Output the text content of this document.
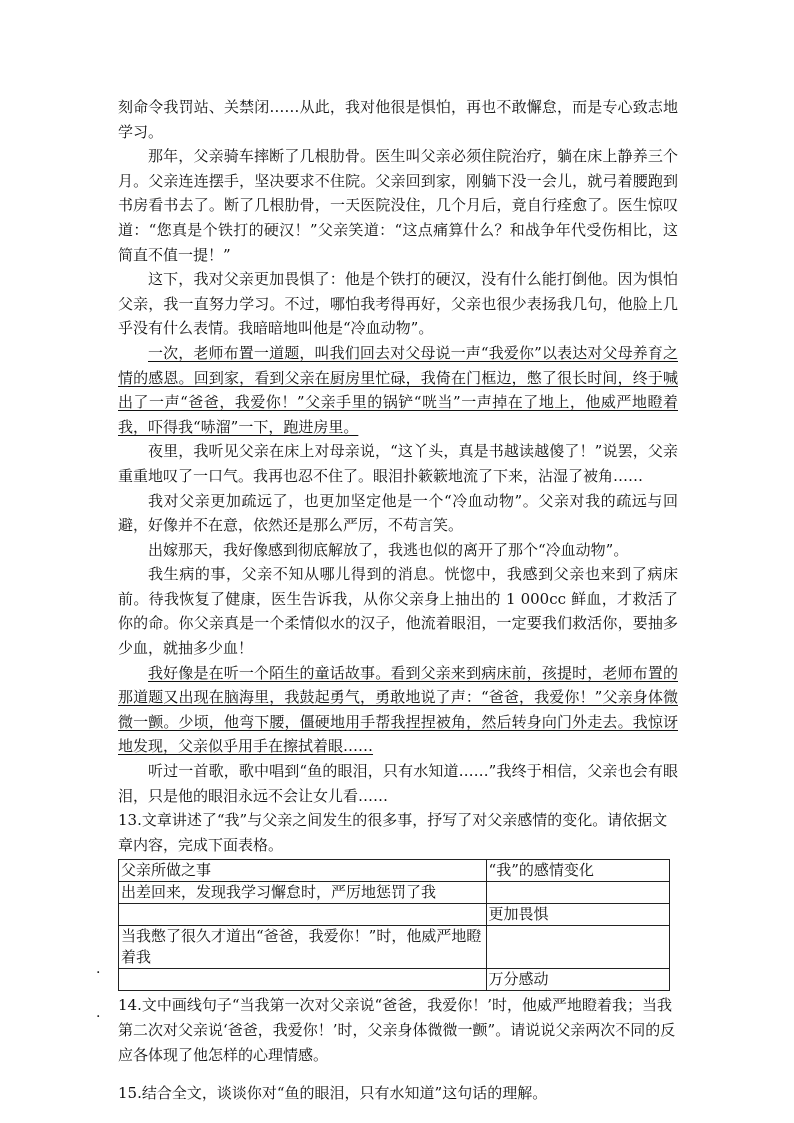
刻命令我罚站、关禁闭……从此，我对他很是惧怕，再也不敢懈怠，而是专心致志地学习。

那年，父亲骑车摔断了几根肋骨。医生叫父亲必须住院治疗，躺在床上静养三个月。父亲连连摆手，坚决要求不住院。父亲回到家，刚躺下没一会儿，就弓着腰跑到书房看书去了。断了几根肋骨，一天医院没住，几个月后，竟自行痊愈了。医生惊叹道：“您真是个铁打的硬汉！”父亲笑道：“这点痛算什么？和战争年代受伤相比，这简直不值一提！”

这下，我对父亲更加畏惧了：他是个铁打的硬汉，没有什么能打倒他。因为惧怕父亲，我一直努力学习。不过，哪怕我考得再好，父亲也很少表扬我几句，他脸上几乎没有什么表情。我暗暗地叫他是“冷血动物”。

一次，老师布置一道题，叫我们回去对父母说一声“我爱你”以表达对父母养育之情的感恩。回到家，看到父亲在厨房里忙碌，我倚在门框边，憋了很长时间，终于喊出了一声“爸爸，我爱你！”父亲手里的锅铲“咣当”一声掉在了地上，他威严地瞪着我，吓得我“哧溜”一下，跑进房里。

夜里，我听见父亲在床上对母亲说，“这丫头，真是书越读越傻了！”说罢，父亲重重地叹了一口气。我再也忍不住了。眼泪扑簌簌地流了下来，沾湿了被角……

我对父亲更加疏远了，也更加坚定他是一个“冷血动物”。父亲对我的疏远与回避，好像并不在意，依然还是那么严厉，不苟言笑。

出嫁那天，我好像感到彻底解放了，我逃也似的离开了那个“冷血动物”。

我生病的事，父亲不知从哪儿得到的消息。恍惚中，我感到父亲也来到了病床前。待我恢复了健康，医生告诉我，从你父亲身上抽出的 1 000cc 鲜血，才救活了你的命。你父亲真是一个柔情似水的汉子，他流着眼泪，一定要我们救活你，要抽多少血，就抽多少血！

我好像是在听一个陌生的童话故事。看到父亲来到病床前，孩提时，老师布置的那道题又出现在脑海里，我鼓起勇气，勇敢地说了声：“爸爸，我爱你！”父亲身体微微一颤。少顷，他弯下腰，僵硬地用手帮我捏捏被角，然后转身向门外走去。我惊讶地发现，父亲似乎用手在擦拭着眼……

听过一首歌，歌中唱到“鱼的眼泪，只有水知道……”我终于相信，父亲也会有眼泪，只是他的眼泪永远不会让女儿看……

13.文章讲述了“我”与父亲之间发生的很多事，抒写了对父亲感情的变化。请依据文章内容，完成下面表格。

父亲所做之事	“我”的感情变化
出差回来，发现我学习懈怠时，严厉地惩罚了我	
	更加畏惧
当我憋了很久才道出“爸爸，我爱你！”时，他威严地瞪着我	
	万分感动

14.文中画线句子“当我第一次对父亲说“爸爸，我爱你！’时，他威严地瞪着我；当我第二次对父亲说‘爸爸，我爱你！’时，父亲身体微微一颤”。请说说父亲两次不同的反应各体现了他怎样的心理情感。

15.结合全文，谈谈你对“鱼的眼泪，只有水知道”这句话的理解。

.
.
